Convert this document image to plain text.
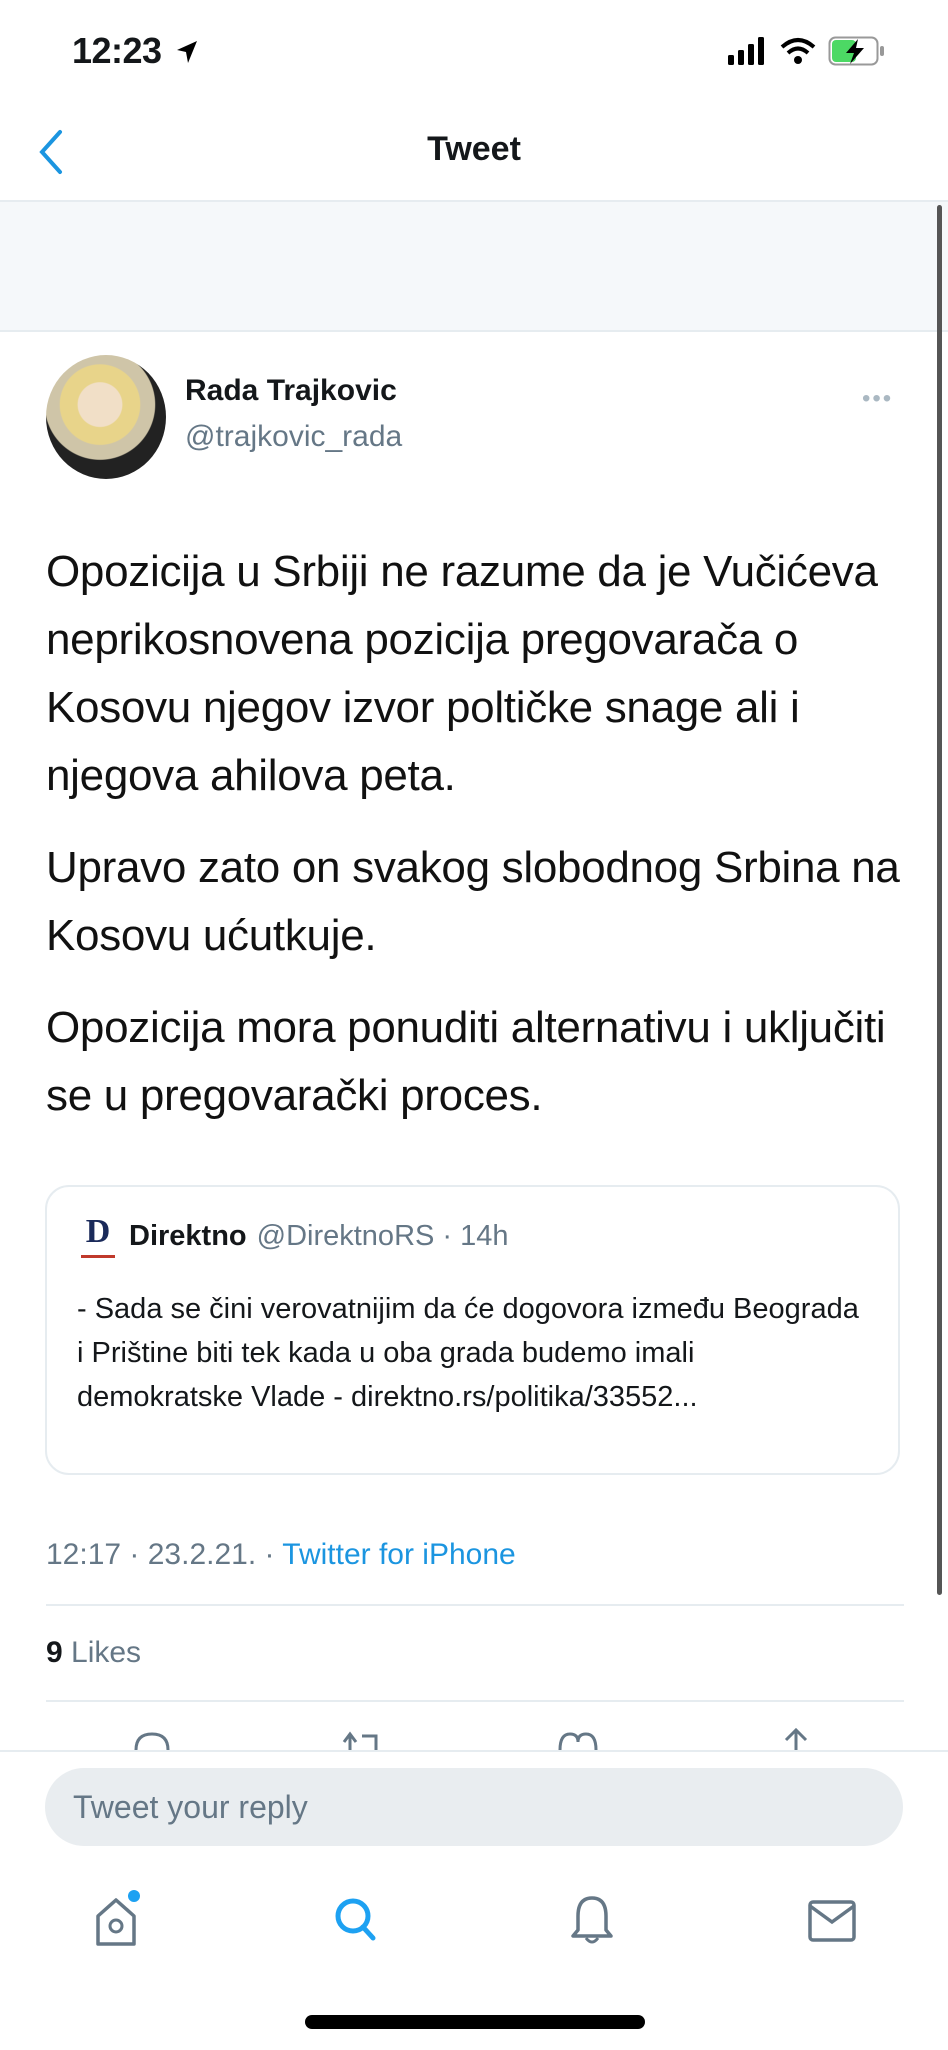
12:23
Tweet
Rada Trajkovic
@trajkovic_rada
•••

Opozicija u Srbiji ne razume da je Vučićeva neprikosnovena pozicija pregovarača o Kosovu njegov izvor poltičke snage ali i njegova ahilova peta.

Upravo zato on svakog slobodnog Srbina na Kosovu ućutkuje.

Opozicija mora ponuditi alternativu i uključiti se u pregovarački proces.

D Direktno @DirektnoRS · 14h
- Sada se čini verovatnijim da će dogovora između Beograda i Prištine biti tek kada u oba grada budemo imali demokratske Vlade - direktno.rs/politika/33552...
12:17 · 23.2.21. · Twitter for iPhone
9 Likes
Tweet your reply
